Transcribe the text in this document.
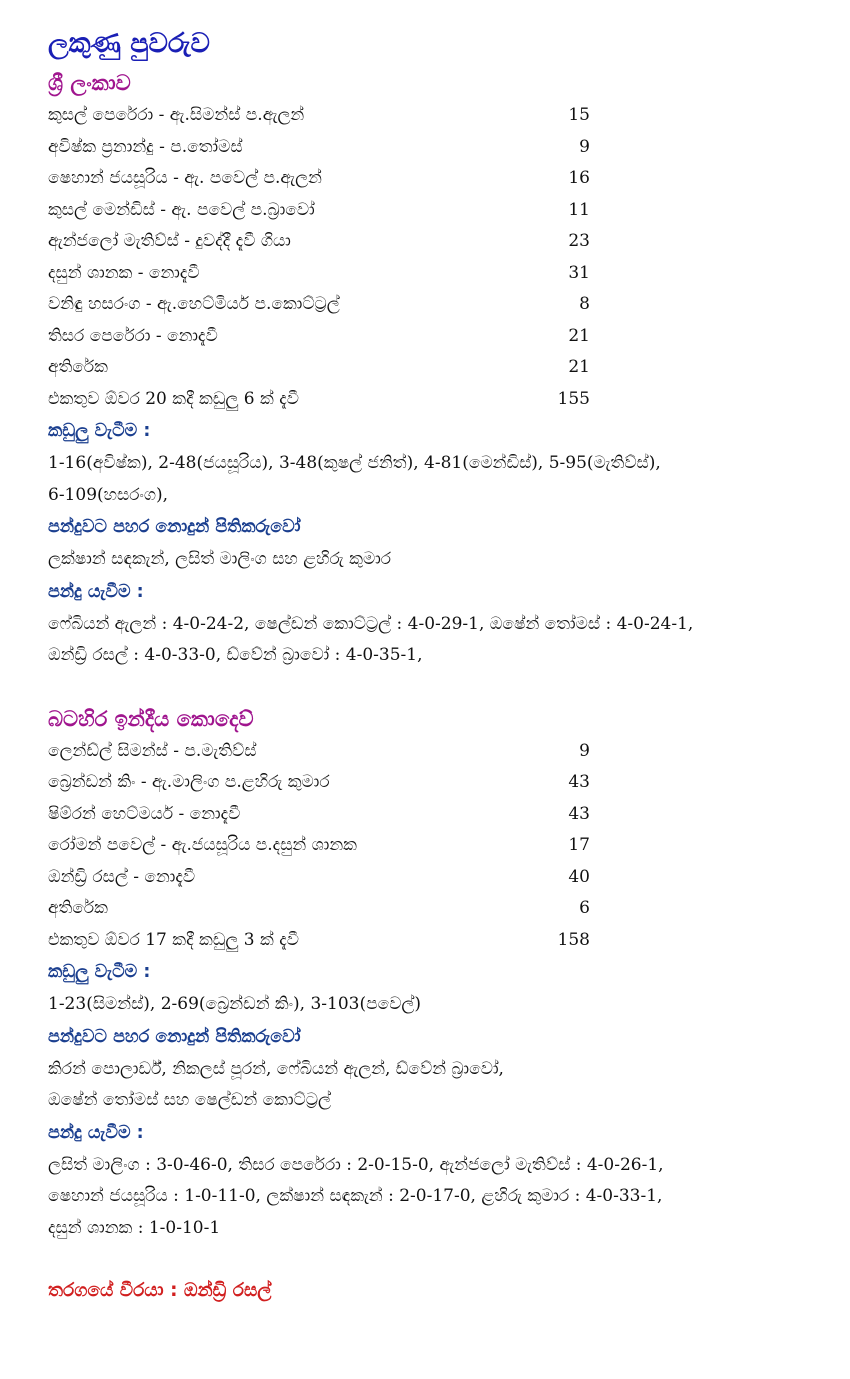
ලකුණු පුවරුව
ශ්‍රී ලංකාව
කුසල් පෙරේරා - ඇ.සිමන්ස් ප.ඇලන්	15
අවිෂ්ක ප්‍රනාන්දු - ප.තෝමස්	9
ෂෙහාන් ජයසූරිය - ඇ. පවෙල් ප.ඇලන්	16
කුසල් මෙන්ඩිස් - ඇ. පවෙල් ප.බ්‍රාවෝ	11
ඇන්ජලෝ මැතිව්ස් - දුවද්දී දැවී ගියා	23
දසුන් ශානක - නොදැවී	31
වනිඳු හසරංග - ඇ.හෙට්මියර් ප.කොට්ට්‍රල්	8
තිසර පෙරේරා - නොදැවී	21
අතිරේක	21
එකතුව ඕවර 20 කදී කඩුලු 6 ක් දැවී	155
කඩුලු වැටීම :
1-16(අවිෂ්ක), 2-48(ජයසූරිය), 3-48(කුෂල් ජනිත්), 4-81(මෙන්ඩිස්), 5-95(මැතිව්ස්),
6-109(හසරංග),
පන්දුවට පහර නොදුන් පිතිකරුවෝ
ලක්ෂාන් සඳකැන්, ලසිත් මාලිංග සහ ළහිරු කුමාර
පන්දු යැවීම :
ෆේබියන් ඇලන් : 4-0-24-2, ෂෙල්ඩන් කොට්ට්‍රල් : 4-0-29-1, ඔෂේන් තෝමස් : 4-0-24-1,
ඔන්ඩ්‍රි රසල් : 4-0-33-0, ඩ්වේන් බ්‍රාවෝ : 4-0-35-1,
බටහිර ඉන්දීය කොදෙව්
ලෙන්ඩ්ල් සිමන්ස් - ප.මැතිව්ස්	9
බ්‍රෙන්ඩන් කිං - ඇ.මාලිංග ප.ළහිරු කුමාර	43
ෂිම්රන් හෙට්මයර් - නොදැවී	43
රෝමන් පවෙල් - ඇ.ජයසූරිය ප.දසුන් ශානක	17
ඔන්ඩ්‍රි රසල් - නොදැවී	40
අතිරේක	6
එකතුව ඕවර 17 කදී කඩුලු 3 ක් දැවී	158
කඩුලු වැටීම :
1-23(සිමන්ස්), 2-69(බ්‍රෙන්ඩන් කිං), 3-103(පවෙල්)
පන්දුවට පහර නොදුන් පිතිකරුවෝ
කිරන් පොලාර්ඩ්, නිකලස් පූරන්, ෆේබියන් ඇලන්, ඩ්වේන් බ්‍රාවෝ,
ඔෂේන් තෝමස් සහ ෂෙල්ඩන් කොට්ට්‍රල්
පන්දු යැවීම :
ලසිත් මාලිංග : 3-0-46-0, තිසර පෙරේරා : 2-0-15-0, ඇන්ජලෝ මැතිව්ස් : 4-0-26-1,
ෂෙහාන් ජයසූරිය : 1-0-11-0, ලක්ෂාන් සඳකැන් : 2-0-17-0, ළහිරු කුමාර : 4-0-33-1,
දසුන් ශානක : 1-0-10-1
තරගයේ වීරයා : ඔන්ඩ්‍රි රසල්
